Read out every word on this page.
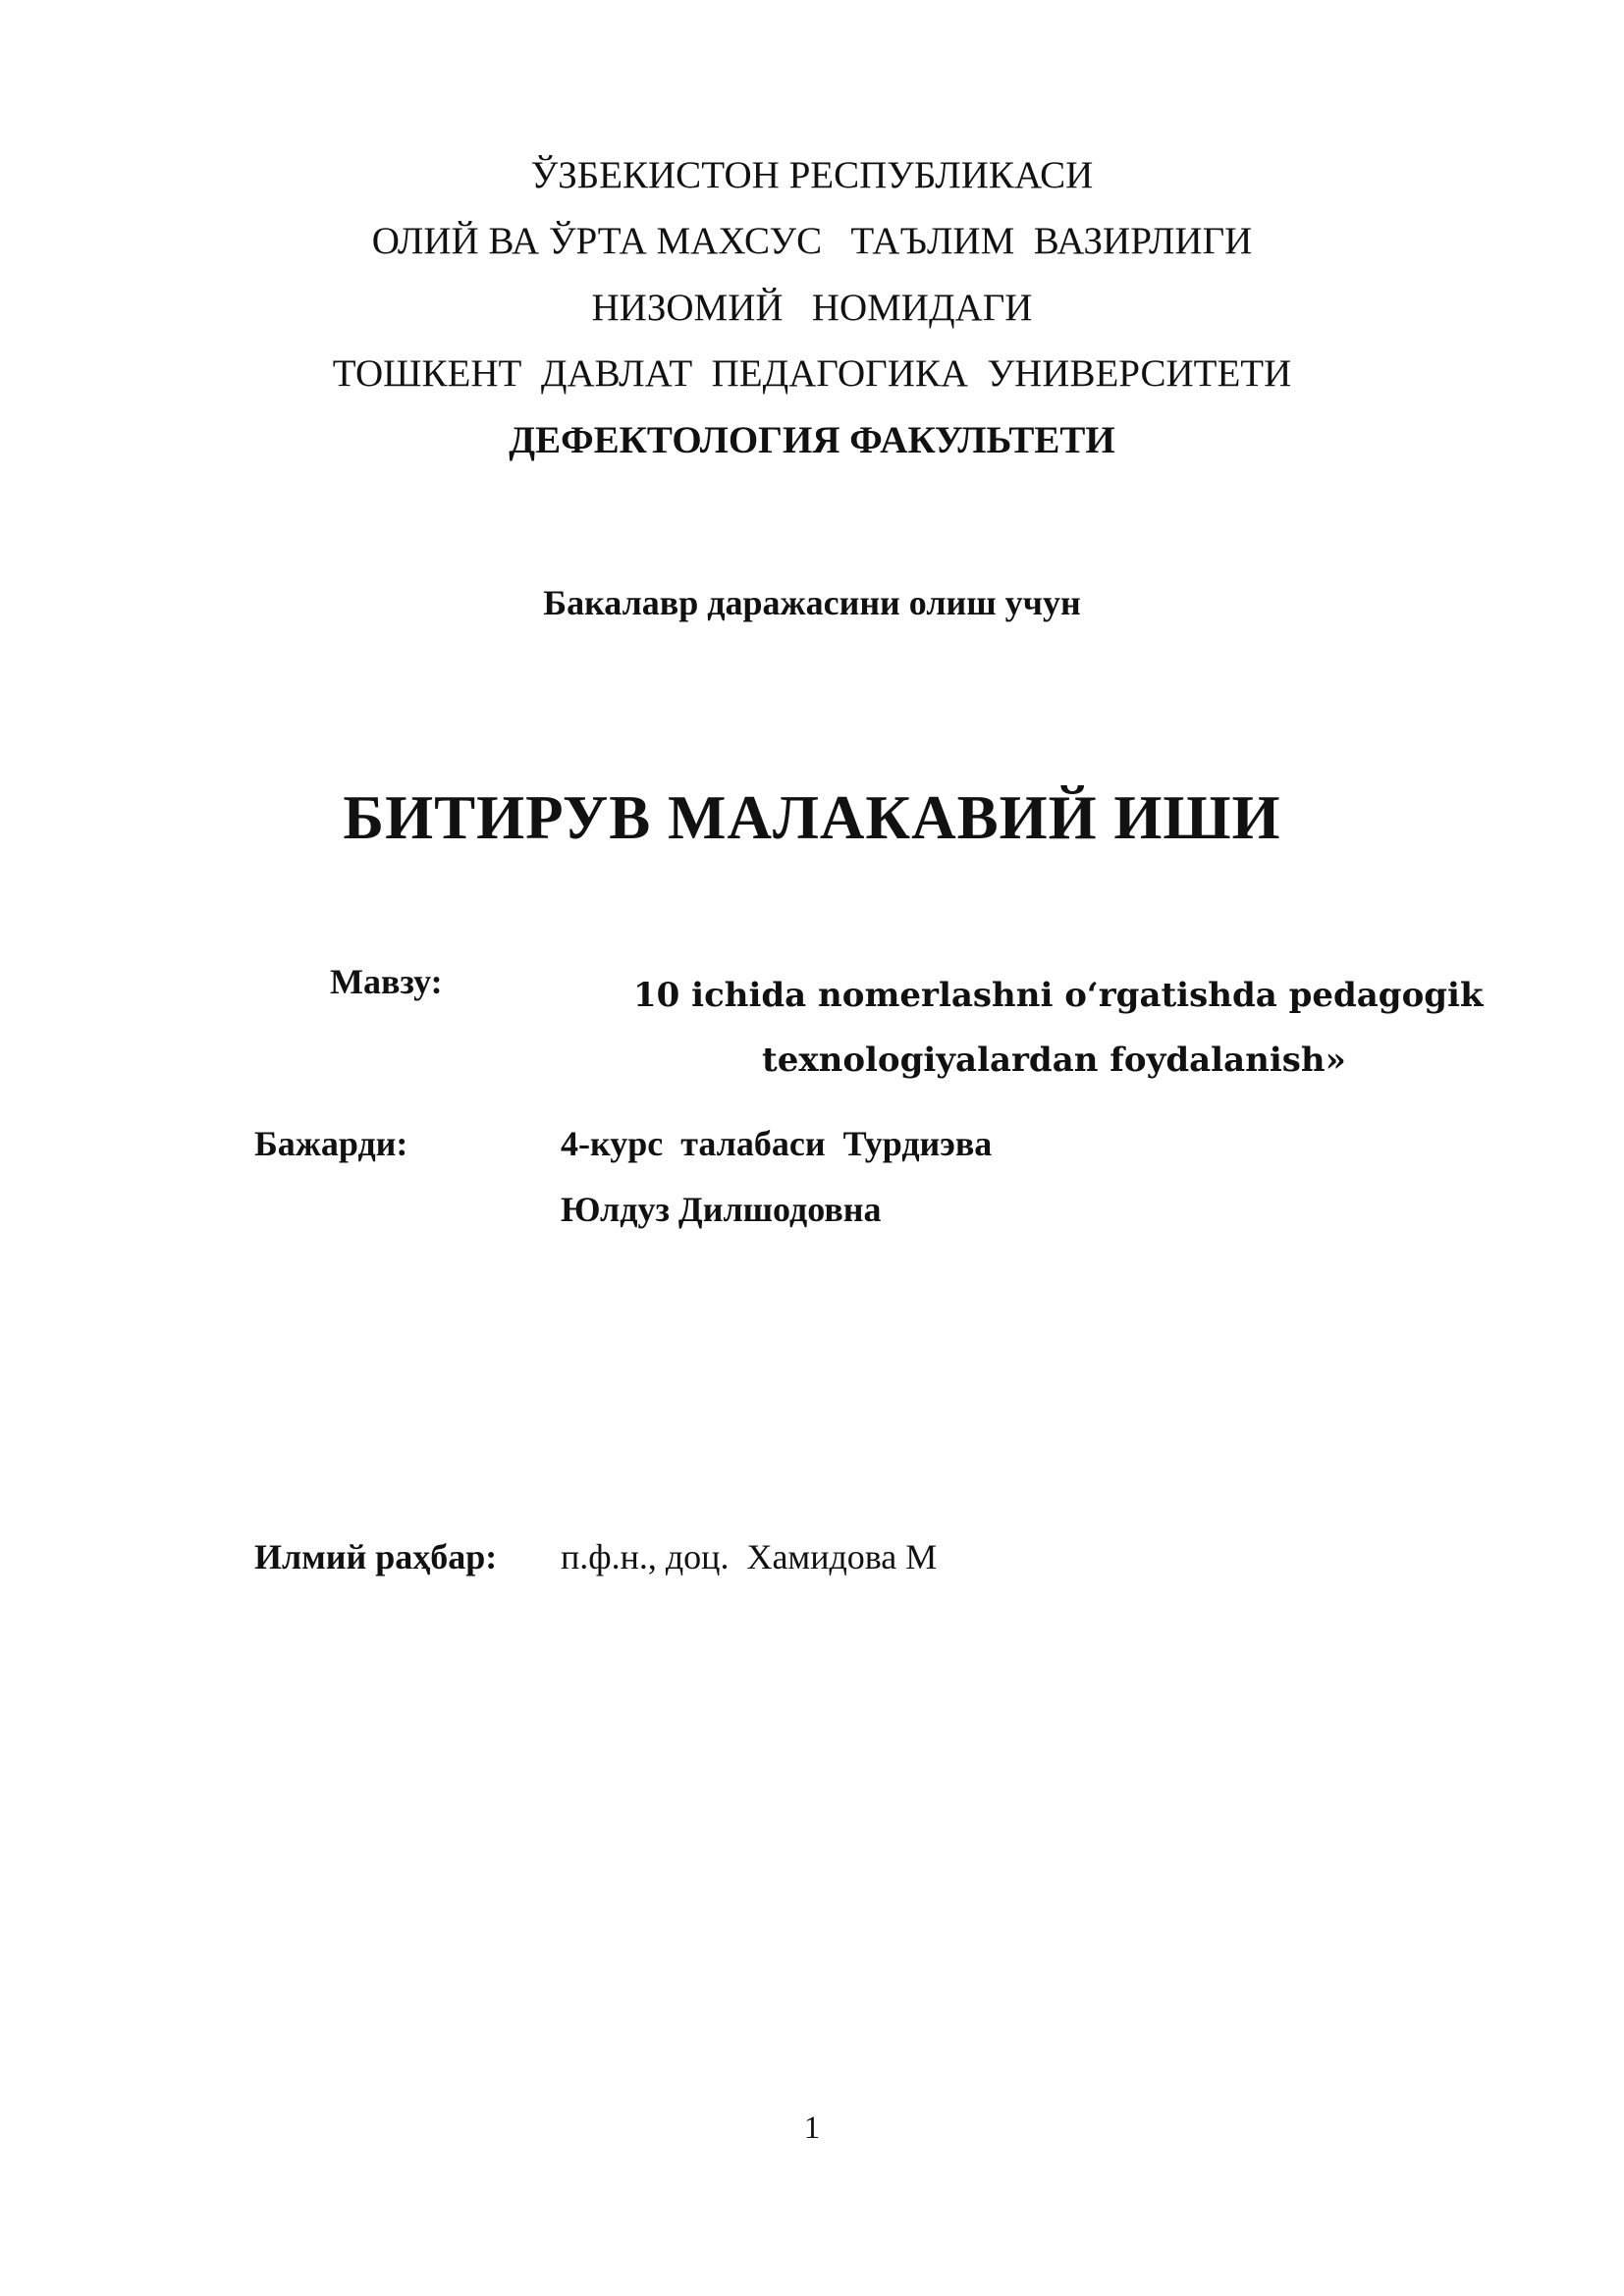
ЎЗБЕКИСТОН РЕСПУБЛИКАСИ
ОЛИЙ ВА ЎРТА МАХСУС   ТАЪЛИМ  ВАЗИРЛИГИ
НИЗОМИЙ   НОМИДАГИ
ТОШКЕНТ  ДАВЛАТ  ПЕДАГОГИКА  УНИВЕРСИТЕТИ
ДЕФЕКТОЛОГИЯ ФАКУЛЬТЕТИ
Бакалавр даражасини олиш учун
БИТИРУВ МАЛАКАВИЙ ИШИ
Мавзу:	10 ichida nomerlashni o‘rgatishda pedagogik
texnologiyalardan foydalanish»
Бажарди:	4-курс  талабаси  Турдиэва
Юлдуз Дилшодовна
Илмий раҳбар: п.ф.н., доц.  Хамидова М
1
